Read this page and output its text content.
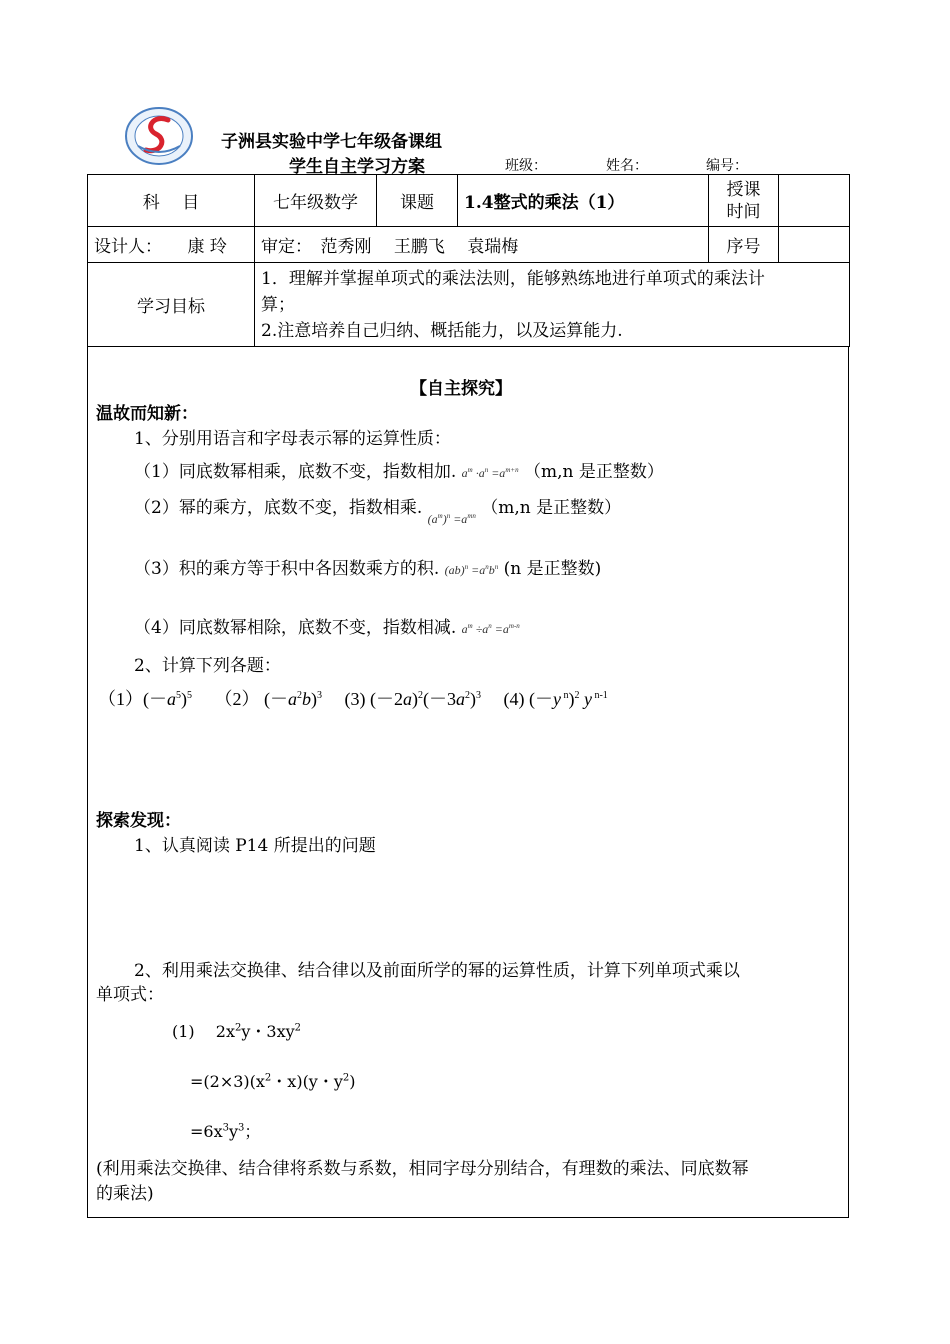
子洲县实验中学七年级备课组
学生自主学习方案	班级：	姓名：	编号：
科　 目	七年级数学	课题	1.4整式的乘法（1）	授课
时间	
设计人：　　 康 玲	审定：　范秀刚　 王鹏飞　 袁瑞梅			序号	
学习目标	1．理解并掌握单项式的乘法法则，能够熟练地进行单项式的乘法计
算；
2.注意培养自己归纳、概括能力，以及运算能力.				
【自主探究】
温故而知新：
1、分别用语言和字母表示幂的运算性质：
（1）同底数幂相乘，底数不变，指数相加. $a^m \cdot a^n =a^{m+n}$ （m,n 是正整数）
（2）幂的乘方，底数不变，指数相乘. $_{(a^m)^n =a^{mn}}$ （m,n 是正整数）
（3）积的乘方等于积中各因数乘方的积. $(ab)^n =a^nb^n$ (n 是正整数)
（4）同底数幂相除，底数不变，指数相减. $a^m \div a^n =a^{m-n}$
2、计算下列各题：
$(1)(-a^5)^5$　 （2） $(-a^2b)^3$　 (3) $(-2a)^2(-3a^2)^3$　 (4) (－y $^n$)$^2$ y $^{n-1}$
探索发现：
1、认真阅读 P14 所提出的问题
2、利用乘法交换律、结合律以及前面所学的幂的运算性质，计算下列单项式乘以
单项式：
(1)　 $2x^2y$・$3xy^2$
$=(2\times 3)(x^2$・x)(y・$y^2$)
$=6x^3y^3$；
(利用乘法交换律、结合律将系数与系数，相同字母分别结合，有理数的乘法、同底数幂
的乘法)
